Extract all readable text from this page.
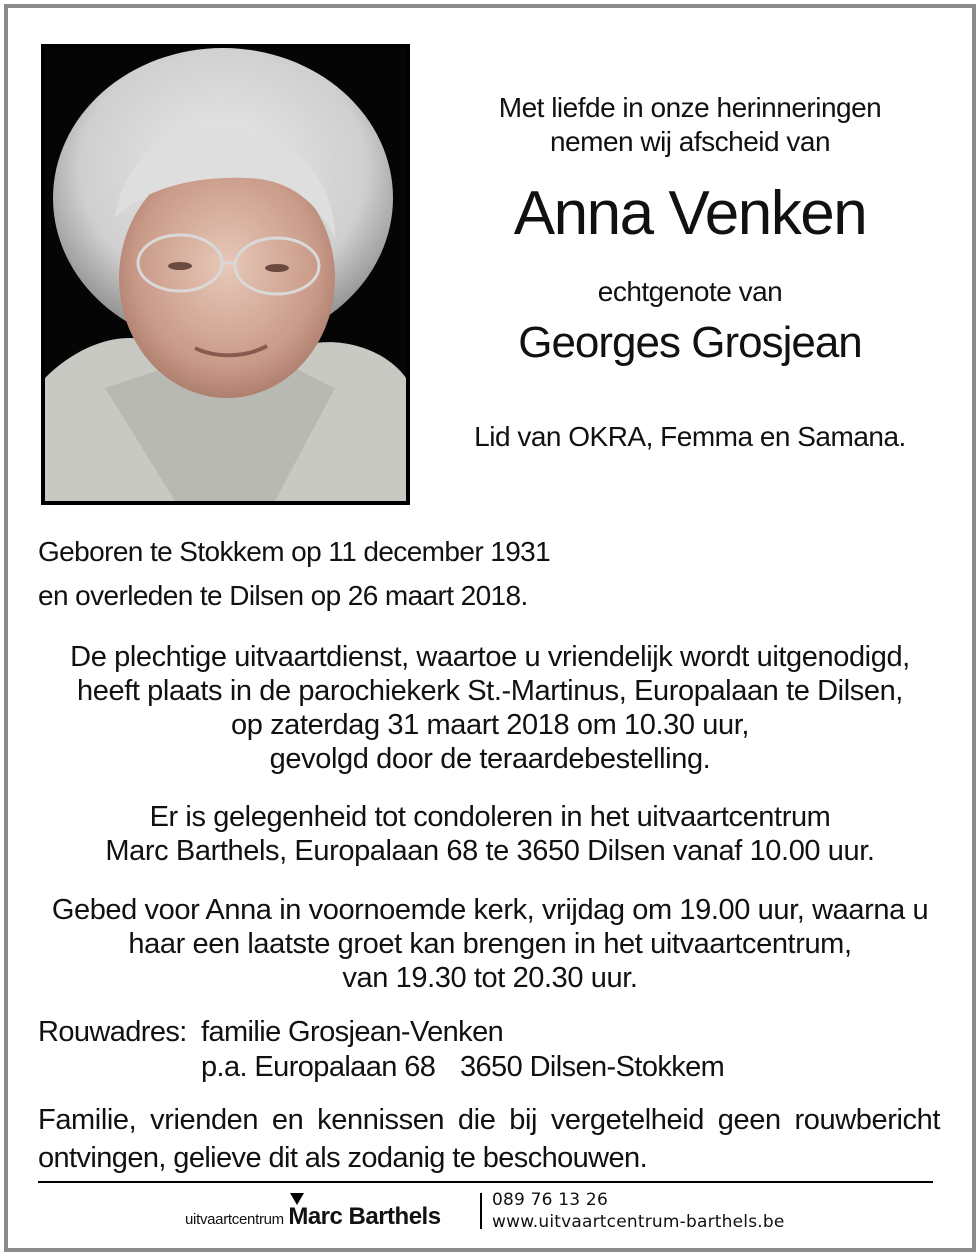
Met liefde in onze herinneringen
nemen wij afscheid van
Anna Venken
echtgenote van
Georges Grosjean
Lid van OKRA, Femma en Samana.
Geboren te Stokkem op 11 december 1931
en overleden te Dilsen op 26 maart 2018.
De plechtige uitvaartdienst, waartoe u vriendelijk wordt uitgenodigd,
heeft plaats in de parochiekerk St.-Martinus, Europalaan te Dilsen,
op zaterdag 31 maart 2018 om 10.30 uur,
gevolgd door de teraardebestelling.
Er is gelegenheid tot condoleren in het uitvaartcentrum
Marc Barthels, Europalaan 68 te 3650 Dilsen vanaf 10.00 uur.
Gebed voor Anna in voornoemde kerk, vrijdag om 19.00 uur, waarna u
haar een laatste groet kan brengen in het uitvaartcentrum,
van 19.30 tot 20.30 uur.
Rouwadres: familie Grosjean-Venken
p.a. Europalaan 68 3650 Dilsen-Stokkem
Familie, vrienden en kennissen die bij vergetelheid geen rouwbericht
ontvingen, gelieve dit als zodanig te beschouwen.
uitvaartcentrum Marc Barthels
089 76 13 26
www.uitvaartcentrum-barthels.be
